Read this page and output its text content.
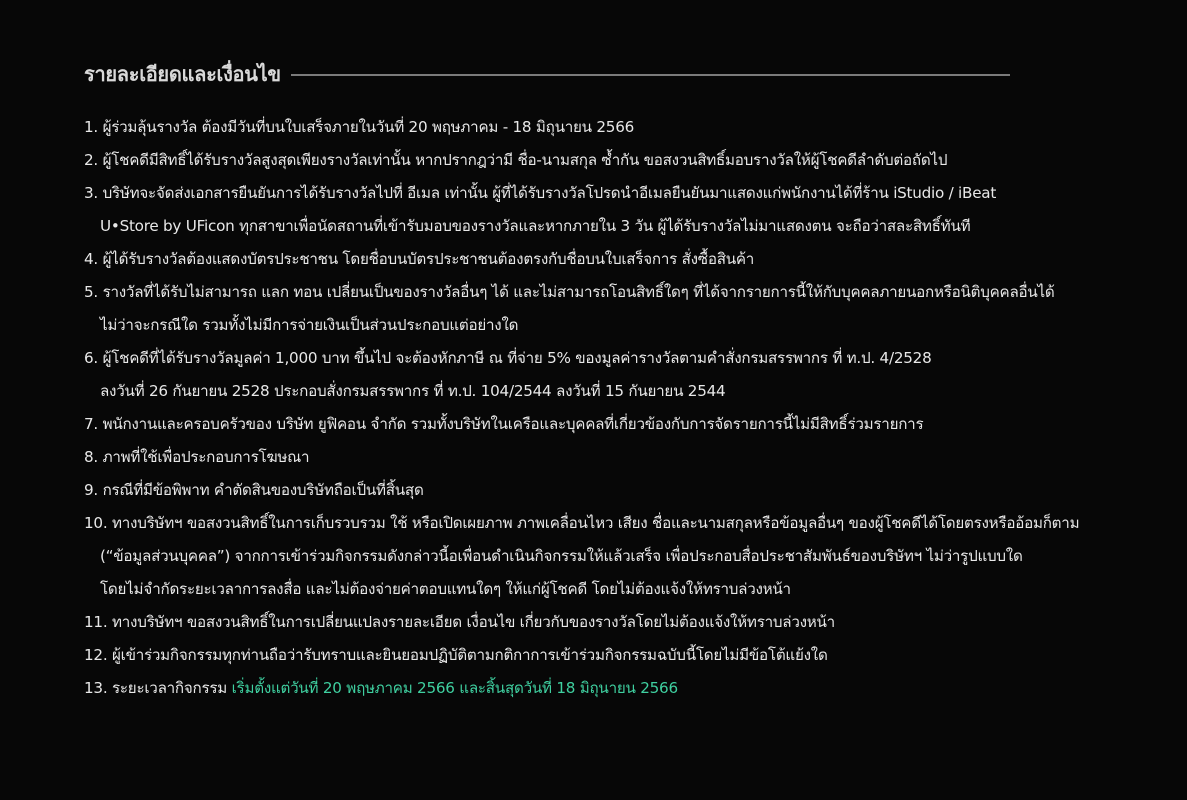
รายละเอียดและเงื่อนไข
1. ผู้ร่วมลุ้นรางวัล ต้องมีวันที่บนใบเสร็จภายในวันที่ 20 พฤษภาคม - 18 มิถุนายน 2566
2. ผู้โชคดีมีสิทธิ์ได้รับรางวัลสูงสุดเพียงรางวัลเท่านั้น หากปรากฎว่ามี ชื่อ-นามสกุล ซ้ำกัน ขอสงวนสิทธิ์มอบรางวัลให้ผู้โชคดีลำดับต่อถัดไป
3. บริษัทจะจัดส่งเอกสารยืนยันการได้รับรางวัลไปที่ อีเมล เท่านั้น ผู้ที่ได้รับรางวัลโปรดนำอีเมลยืนยันมาแสดงแก่พนักงานได้ที่ร้าน iStudio / iBeat
U•Store by UFicon ทุกสาขาเพื่อนัดสถานที่เข้ารับมอบของรางวัลและหากภายใน 3 วัน ผู้ได้รับรางวัลไม่มาแสดงตน จะถือว่าสละสิทธิ์ทันที
4. ผู้ได้รับรางวัลต้องแสดงบัตรประชาชน โดยชื่อบนบัตรประชาชนต้องตรงกับชื่อบนใบเสร็จการ สั่งซื้อสินค้า
5. รางวัลที่ได้รับไม่สามารถ แลก ทอน เปลี่ยนเป็นของรางวัลอื่นๆ ได้ และไม่สามารถโอนสิทธิ์ใดๆ ที่ได้จากรายการนี้ให้กับบุคคลภายนอกหรือนิติบุคคลอื่นได้
ไม่ว่าจะกรณีใด รวมทั้งไม่มีการจ่ายเงินเป็นส่วนประกอบแต่อย่างใด
6. ผู้โชคดีที่ได้รับรางวัลมูลค่า 1,000 บาท ขึ้นไป จะต้องหักภาษี ณ ที่จ่าย 5% ของมูลค่ารางวัลตามคำสั่งกรมสรรพากร ที่ ท.ป. 4/2528
ลงวันที่ 26 กันยายน 2528 ประกอบสั่งกรมสรรพากร ที่ ท.ป. 104/2544 ลงวันที่ 15 กันยายน 2544
7. พนักงานและครอบครัวของ บริษัท ยูฟิคอน จำกัด รวมทั้งบริษัทในเครือและบุคคลที่เกี่ยวข้องกับการจัดรายการนี้ไม่มีสิทธิ์ร่วมรายการ
8. ภาพที่ใช้เพื่อประกอบการโฆษณา
9. กรณีที่มีข้อพิพาท คำตัดสินของบริษัทถือเป็นที่สิ้นสุด
10. ทางบริษัทฯ ขอสงวนสิทธิ์ในการเก็บรวบรวม ใช้ หรือเปิดเผยภาพ ภาพเคลื่อนไหว เสียง ชื่อและนามสกุลหรือข้อมูลอื่นๆ ของผู้โชคดีได้โดยตรงหรืออ้อมก็ตาม
(“ข้อมูลส่วนบุคคล”) จากการเข้าร่วมกิจกรรมดังกล่าวนี้อเพื่อนดำเนินกิจกรรมให้แล้วเสร็จ เพื่อประกอบสื่อประชาสัมพันธ์ของบริษัทฯ ไม่ว่ารูปแบบใด
โดยไม่จำกัดระยะเวลาการลงสื่อ และไม่ต้องจ่ายค่าตอบแทนใดๆ ให้แก่ผู้โชคดี โดยไม่ต้องแจ้งให้ทราบล่วงหน้า
11. ทางบริษัทฯ ขอสงวนสิทธิ์ในการเปลี่ยนแปลงรายละเอียด เงื่อนไข เกี่ยวกับของรางวัลโดยไม่ต้องแจ้งให้ทราบล่วงหน้า
12. ผู้เข้าร่วมกิจกรรมทุกท่านถือว่ารับทราบและยินยอมปฏิบัติตามกติกาการเข้าร่วมกิจกรรมฉบับนี้โดยไม่มีข้อโต้แย้งใด
13. ระยะเวลากิจกรรม เริ่มตั้งแต่วันที่ 20 พฤษภาคม 2566 และสิ้นสุดวันที่ 18 มิถุนายน 2566
